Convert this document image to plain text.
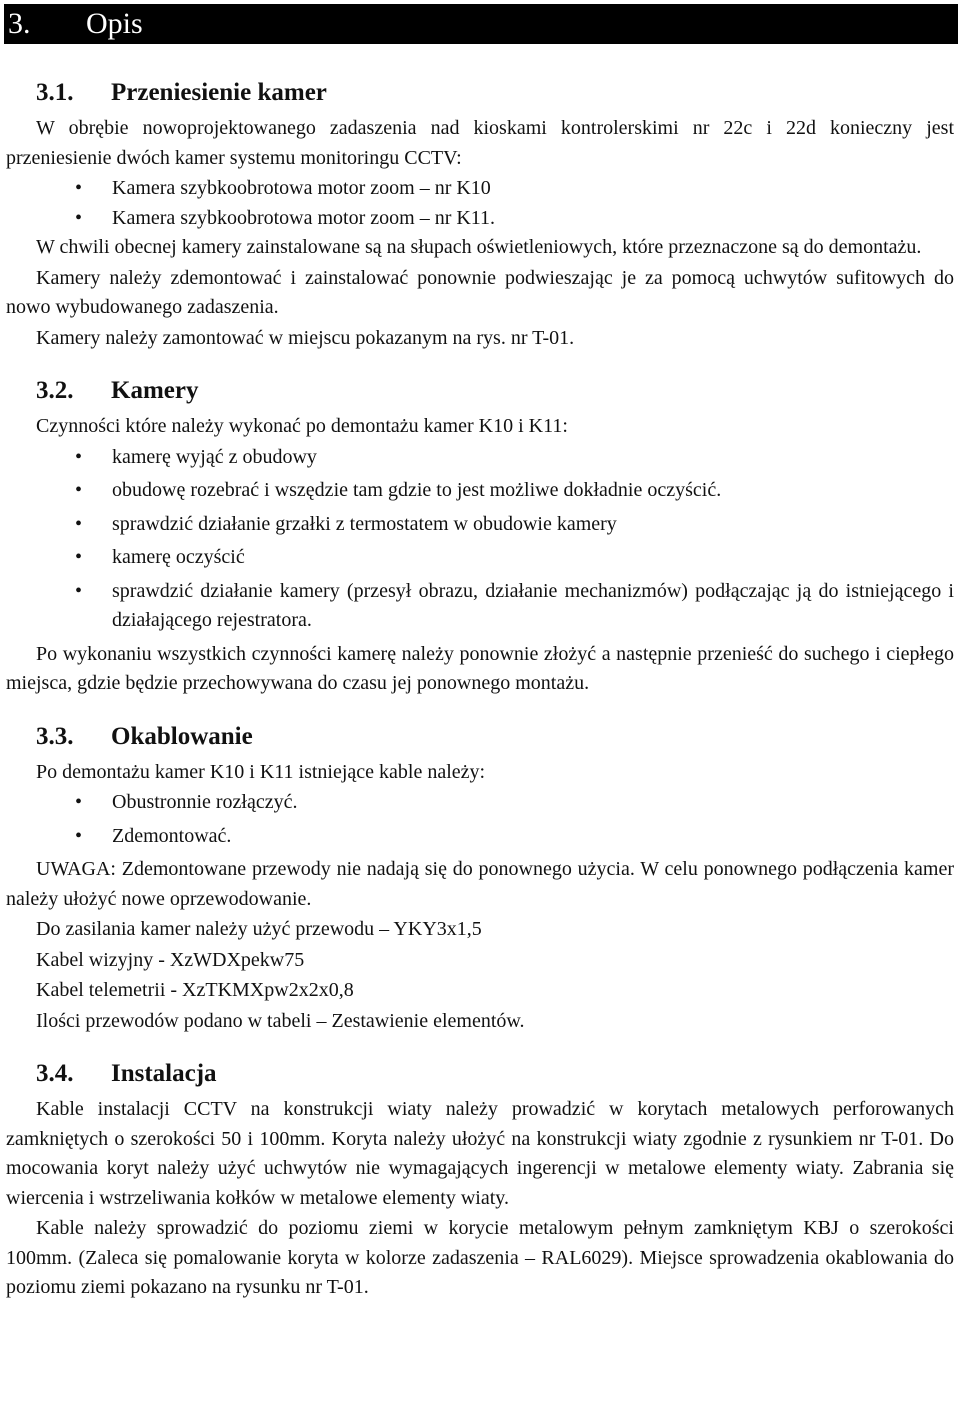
3. Opis
3.1. Przeniesienie kamer

W obrębie nowoprojektowanego zadaszenia nad kioskami kontrolerskimi nr 22c i 22d konieczny jest przeniesienie dwóch kamer systemu monitoringu CCTV:

• Kamera szybkoobrotowa motor zoom – nr K10
• Kamera szybkoobrotowa motor zoom – nr K11.

W chwili obecnej kamery zainstalowane są na słupach oświetleniowych, które przeznaczone są do demontażu.

Kamery należy zdemontować i zainstalować ponownie podwieszając je za pomocą uchwytów sufitowych do nowo wybudowanego zadaszenia.

Kamery należy zamontować w miejscu pokazanym na rys. nr T-01.

3.2. Kamery

Czynności które należy wykonać po demontażu kamer K10 i K11:

• kamerę wyjąć z obudowy
• obudowę rozebrać i wszędzie tam gdzie to jest możliwe dokładnie oczyścić.
• sprawdzić działanie grzałki z termostatem w obudowie kamery
• kamerę oczyścić
• sprawdzić działanie kamery (przesył obrazu, działanie mechanizmów) podłączając ją do istniejącego i działającego rejestratora.

Po wykonaniu wszystkich czynności kamerę należy ponownie złożyć a następnie przenieść do suchego i ciepłego miejsca, gdzie będzie przechowywana do czasu jej ponownego montażu.

3.3. Okablowanie

Po demontażu kamer K10 i K11 istniejące kable należy:

• Obustronnie rozłączyć.
• Zdemontować.

UWAGA: Zdemontowane przewody nie nadają się do ponownego użycia. W celu ponownego podłączenia kamer należy ułożyć nowe oprzewodowanie.

Do zasilania kamer należy użyć przewodu – YKY3x1,5

Kabel wizyjny - XzWDXpekw75

Kabel telemetrii - XzTKMXpw2x2x0,8

Ilości przewodów podano w tabeli – Zestawienie elementów.

3.4. Instalacja

Kable instalacji CCTV na konstrukcji wiaty należy prowadzić w korytach metalowych perforowanych zamkniętych o szerokości 50 i 100mm. Koryta należy ułożyć na konstrukcji wiaty zgodnie z rysunkiem nr T-01. Do mocowania koryt należy użyć uchwytów nie wymagających ingerencji w metalowe elementy wiaty. Zabrania się wiercenia i wstrzeliwania kołków w metalowe elementy wiaty.

Kable należy sprowadzić do poziomu ziemi w korycie metalowym pełnym zamkniętym KBJ o szerokości 100mm. (Zaleca się pomalowanie koryta w kolorze zadaszenia – RAL6029). Miejsce sprowadzenia okablowania do poziomu ziemi pokazano na rysunku nr T-01.
